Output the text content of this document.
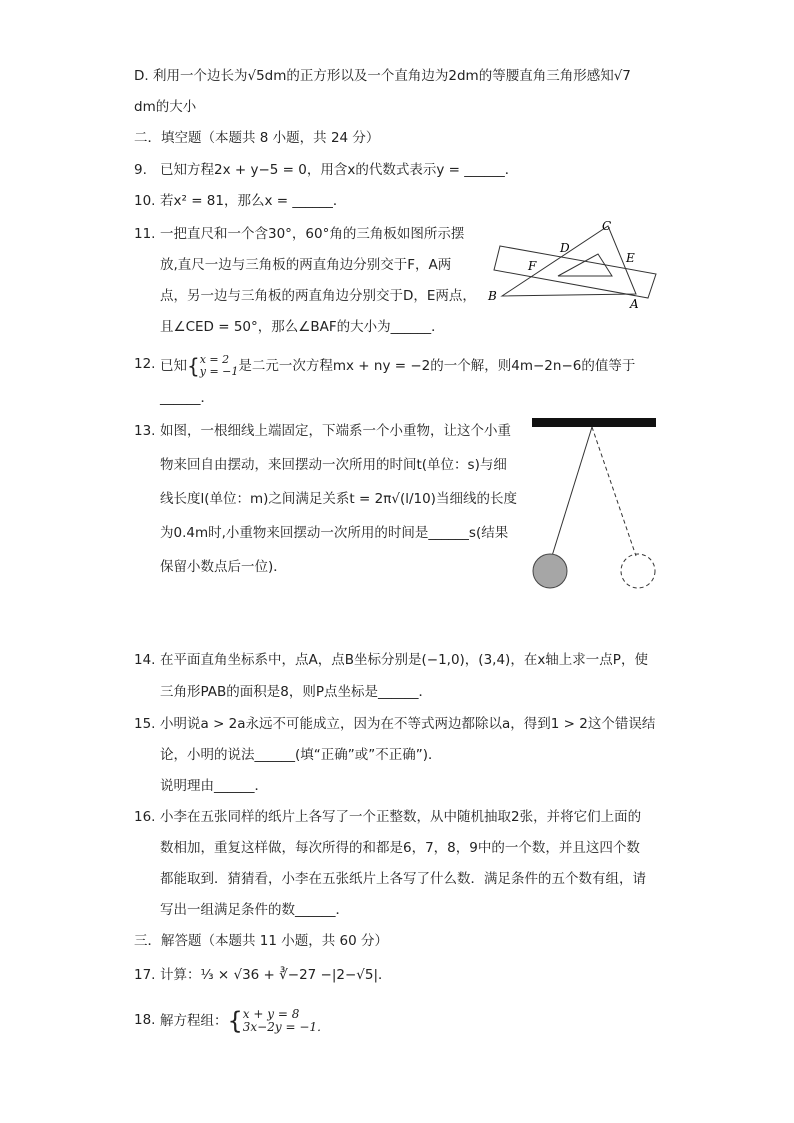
D. 利用一个边长为√5dm的正方形以及一个直角边为2dm的等腰直角三角形感知√7
dm的大小
二．填空题（本题共 8 小题，共 24 分）
9. 已知方程2x + y−5 = 0，用含x的代数式表示y = ______．
10. 若x² = 81，那么x = ______．
11. 一把直尺和一个含30°，60°角的三角板如图所示摆
放,直尺一边与三角板的两直角边分别交于F，A两
点，另一边与三角板的两直角边分别交于D，E两点，
且∠CED = 50°，那么∠BAF的大小为______．
C
D
E
F
B
A
12. 已知{ x = 2
y = −1 是二元一次方程mx + ny = −2的一个解，则4m−2n−6的值等于
______．
13. 如图，一根细线上端固定，下端系一个小重物，让这个小重
物来回自由摆动，来回摆动一次所用的时间t(单位：s)与细
线长度l(单位：m)之间满足关系t = 2π√(l/10)当细线的长度
为0.4m时,小重物来回摆动一次所用的时间是______s(结果
保留小数点后一位)．
14. 在平面直角坐标系中，点A，点B坐标分别是(−1,0)，(3,4)，在x轴上求一点P，使
三角形PAB的面积是8，则P点坐标是______．
15. 小明说a > 2a永远不可能成立，因为在不等式两边都除以a，得到1 > 2这个错误结
论，小明的说法______(填“正确”或”不正确”)．
说明理由______．
16. 小李在五张同样的纸片上各写了一个正整数，从中随机抽取2张，并将它们上面的
数相加，重复这样做，每次所得的和都是6，7，8，9中的一个数，并且这四个数
都能取到．猜猜看，小李在五张纸片上各写了什么数．满足条件的五个数有组，请
写出一组满足条件的数______．
三．解答题（本题共 11 小题，共 60 分）
17. 计算：⅓ × √36 + ∛−27 −|2−√5|．
18. 解方程组：{ x + y = 8
3x−2y = −1．
